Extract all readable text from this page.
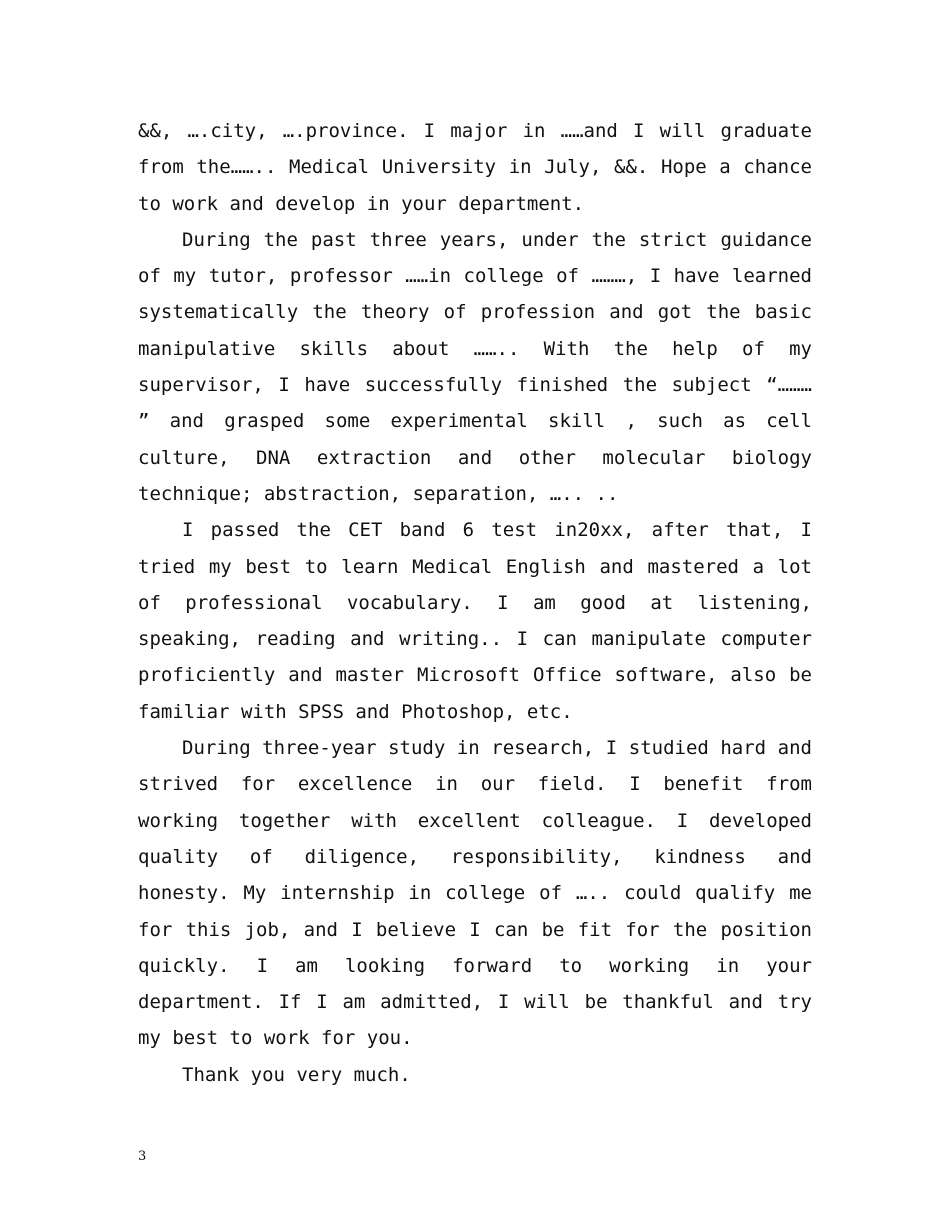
&&, ….city, ….province. I major in ……and I will graduate from the…….. Medical University in July, &&. Hope a chance to work and develop in your department.

During the past three years, under the strict guidance of my tutor, professor ……in college of ………, I have learned systematically the theory of profession and got the basic manipulative skills about …….. With the help of my supervisor, I have successfully finished the subject “……… ” and grasped some experimental skill , such as cell culture, DNA extraction and other molecular biology technique; abstraction, separation, ….. ..

I passed the CET band 6 test in20xx, after that, I tried my best to learn Medical English and mastered a lot of professional vocabulary. I am good at listening, speaking, reading and writing.. I can manipulate computer proficiently and master Microsoft Office software, also be familiar with SPSS and Photoshop, etc.

During three-year study in research, I studied hard and strived for excellence in our field. I benefit from working together with excellent colleague. I developed quality of diligence, responsibility, kindness and honesty. My internship in college of ….. could qualify me for this job, and I believe I can be fit for the position quickly. I am looking forward to working in your department. If I am admitted, I will be thankful and try my best to work for you.

Thank you very much.

3
